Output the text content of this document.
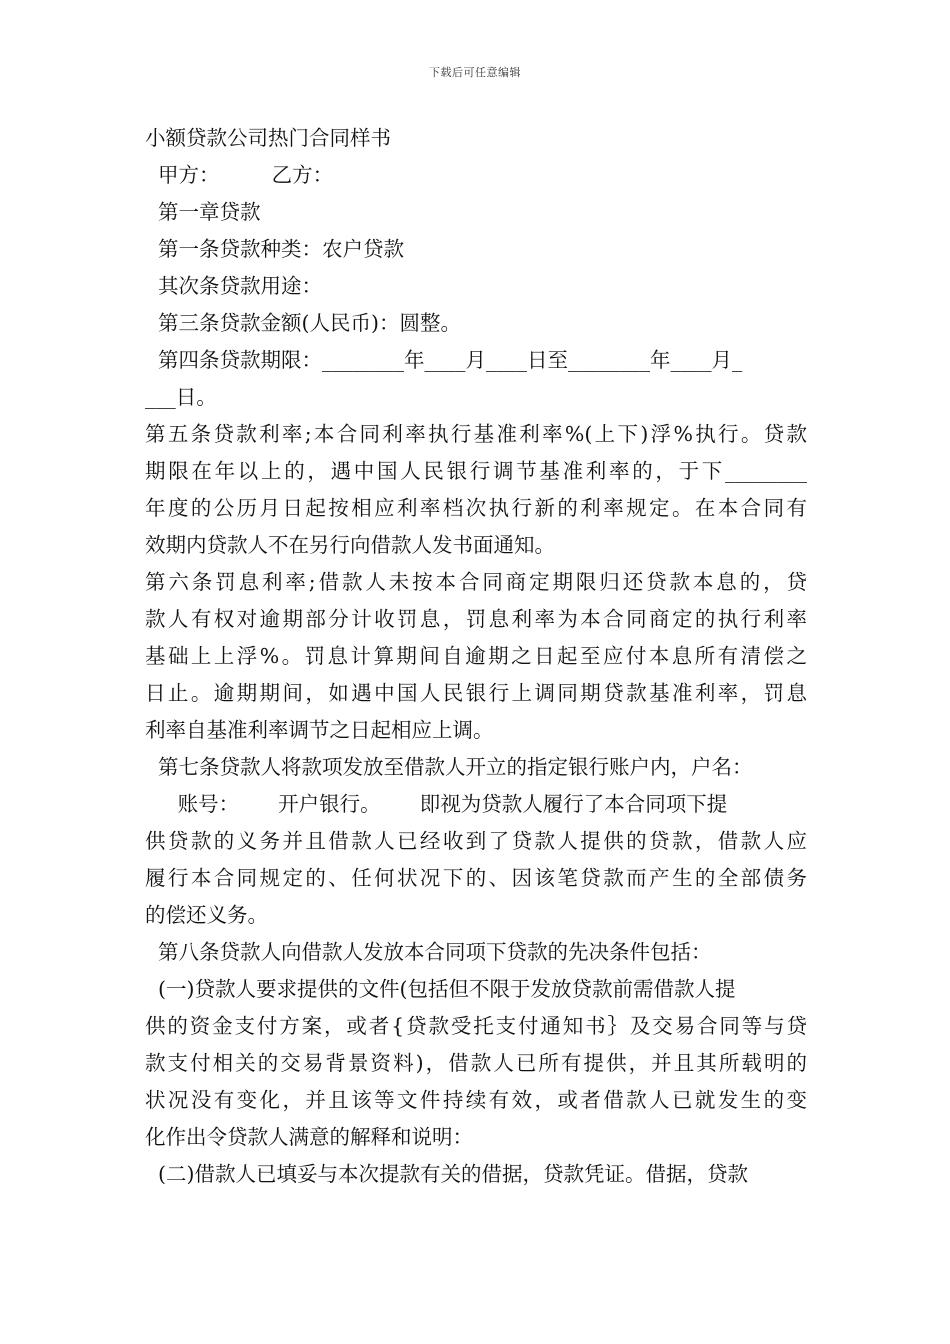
下载后可任意编辑
小额贷款公司热门合同样书
甲方：        乙方：
第一章贷款
第一条贷款种类：农户贷款
其次条贷款用途：
第三条贷款金额(人民币)：圆整。
第四条贷款期限：________年____月____日至________年____月_
___日。
第五条贷款利率;本合同利率执行基准利率%(上下)浮%执行。贷款
期限在年以上的，遇中国人民银行调节基准利率的，于下________
年度的公历月日起按相应利率档次执行新的利率规定。在本合同有
效期内贷款人不在另行向借款人发书面通知。
第六条罚息利率;借款人未按本合同商定期限归还贷款本息的，贷
款人有权对逾期部分计收罚息，罚息利率为本合同商定的执行利率
基础上上浮%。罚息计算期间自逾期之日起至应付本息所有清偿之
日止。逾期期间，如遇中国人民银行上调同期贷款基准利率，罚息
利率自基准利率调节之日起相应上调。
第七条贷款人将款项发放至借款人开立的指定银行账户内，户名：
账号：      开户银行。      即视为贷款人履行了本合同项下提
供贷款的义务并且借款人已经收到了贷款人提供的贷款，借款人应
履行本合同规定的、任何状况下的、因该笔贷款而产生的全部债务
的偿还义务。
第八条贷款人向借款人发放本合同项下贷款的先决条件包括：
(一)贷款人要求提供的文件(包括但不限于发放贷款前需借款人提
供的资金支付方案，或者{贷款受托支付通知书｝及交易合同等与贷
款支付相关的交易背景资料)，借款人已所有提供，并且其所载明的
状况没有变化，并且该等文件持续有效，或者借款人已就发生的变
化作出令贷款人满意的解释和说明：
(二)借款人已填妥与本次提款有关的借据，贷款凭证。借据，贷款
